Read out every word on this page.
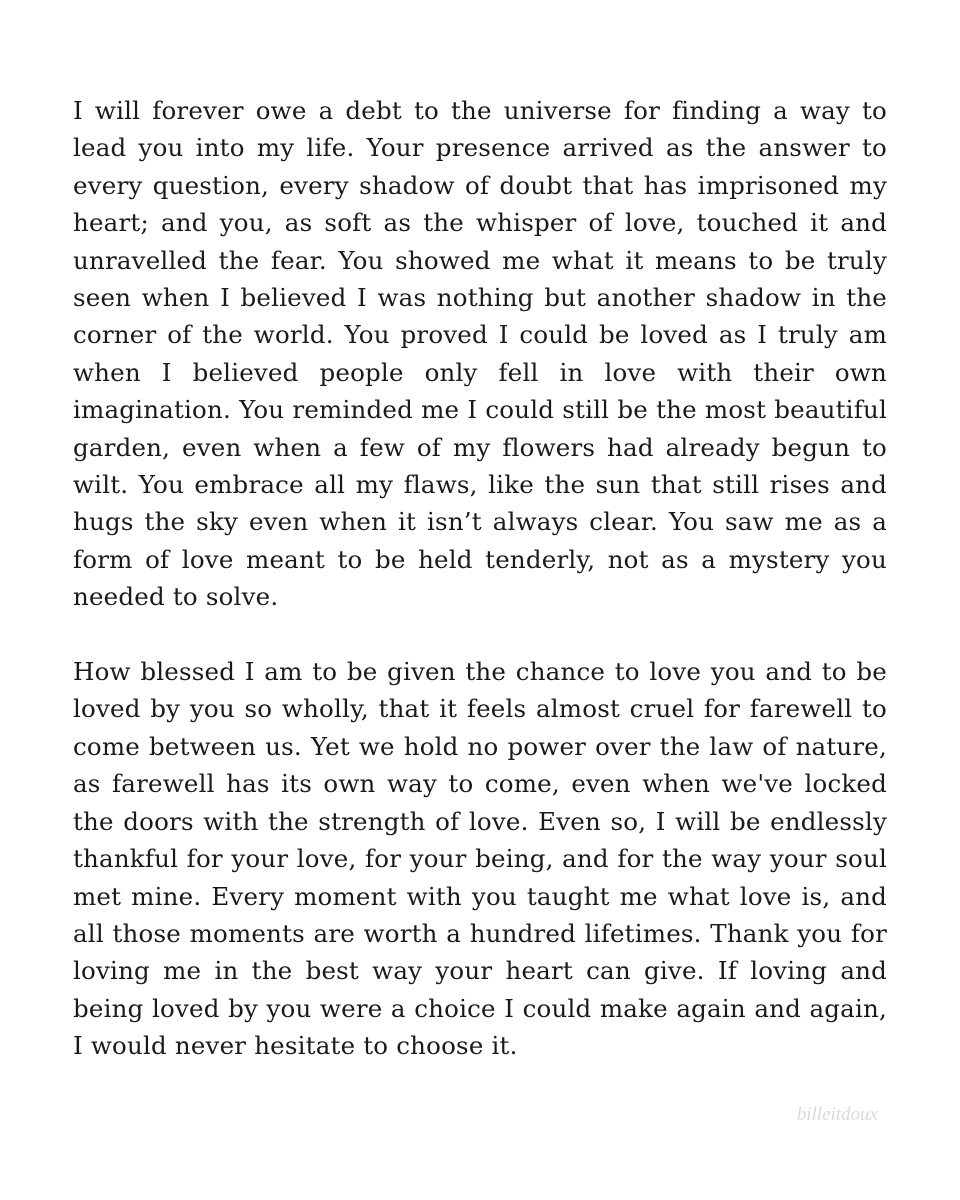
I will forever owe a debt to the universe for finding a way to lead you into my life. Your presence arrived as the answer to every question, every shadow of doubt that has imprisoned my heart; and you, as soft as the whisper of love, touched it and unravelled the fear. You showed me what it means to be truly seen when I believed I was nothing but another shadow in the corner of the world. You proved I could be loved as I truly am when I believed people only fell in love with their own imagination. You reminded me I could still be the most beautiful garden, even when a few of my flowers had already begun to wilt. You embrace all my flaws, like the sun that still rises and hugs the sky even when it isn’t always clear. You saw me as a form of love meant to be held tenderly, not as a mystery you needed to solve.

How blessed I am to be given the chance to love you and to be loved by you so wholly, that it feels almost cruel for farewell to come between us. Yet we hold no power over the law of nature, as farewell has its own way to come, even when we've locked the doors with the strength of love. Even so, I will be endlessly thankful for your love, for your being, and for the way your soul met mine. Every moment with you taught me what love is, and all those moments are worth a hundred lifetimes. Thank you for loving me in the best way your heart can give. If loving and being loved by you were a choice I could make again and again, I would never hesitate to choose it.

billeitdoux
